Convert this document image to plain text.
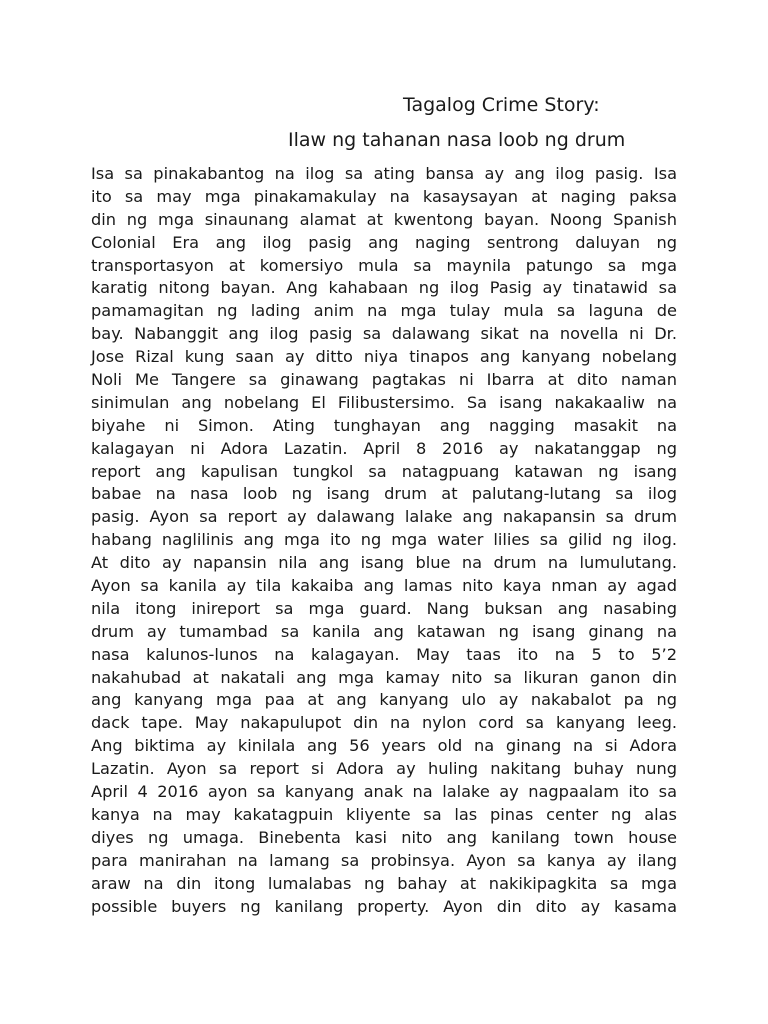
Tagalog Crime Story:
Ilaw ng tahanan nasa loob ng drum
Isa sa pinakabantog na ilog sa ating bansa ay ang ilog pasig. Isa
ito sa may mga pinakamakulay na kasaysayan at naging paksa
din ng mga sinaunang alamat at kwentong bayan. Noong Spanish
Colonial Era ang ilog pasig ang naging sentrong daluyan ng
transportasyon at komersiyo mula sa maynila patungo sa mga
karatig nitong bayan. Ang kahabaan ng ilog Pasig ay tinatawid sa
pamamagitan ng lading anim na mga tulay mula sa laguna de
bay. Nabanggit ang ilog pasig sa dalawang sikat na novella ni Dr.
Jose Rizal kung saan ay ditto niya tinapos ang kanyang nobelang
Noli Me Tangere sa ginawang pagtakas ni Ibarra at dito naman
sinimulan ang nobelang El Filibustersimo. Sa isang nakakaaliw na
biyahe ni Simon. Ating tunghayan ang nagging masakit na
kalagayan ni Adora Lazatin. April 8 2016 ay nakatanggap ng
report ang kapulisan tungkol sa natagpuang katawan ng isang
babae na nasa loob ng isang drum at palutang-lutang sa ilog
pasig. Ayon sa report ay dalawang lalake ang nakapansin sa drum
habang naglilinis ang mga ito ng mga water lilies sa gilid ng ilog.
At dito ay napansin nila ang isang blue na drum na lumulutang.
Ayon sa kanila ay tila kakaiba ang lamas nito kaya nman ay agad
nila itong inireport sa mga guard. Nang buksan ang nasabing
drum ay tumambad sa kanila ang katawan ng isang ginang na
nasa kalunos-lunos na kalagayan. May taas ito na 5 to 5’2
nakahubad at nakatali ang mga kamay nito sa likuran ganon din
ang kanyang mga paa at ang kanyang ulo ay nakabalot pa ng
dack tape. May nakapulupot din na nylon cord sa kanyang leeg.
Ang biktima ay kinilala ang 56 years old na ginang na si Adora
Lazatin. Ayon sa report si Adora ay huling nakitang buhay nung
April 4 2016 ayon sa kanyang anak na lalake ay nagpaalam ito sa
kanya na may kakatagpuin kliyente sa las pinas center ng alas
diyes ng umaga. Binebenta kasi nito ang kanilang town house
para manirahan na lamang sa probinsya. Ayon sa kanya ay ilang
araw na din itong lumalabas ng bahay at nakikipagkita sa mga
possible buyers ng kanilang property. Ayon din dito ay kasama
